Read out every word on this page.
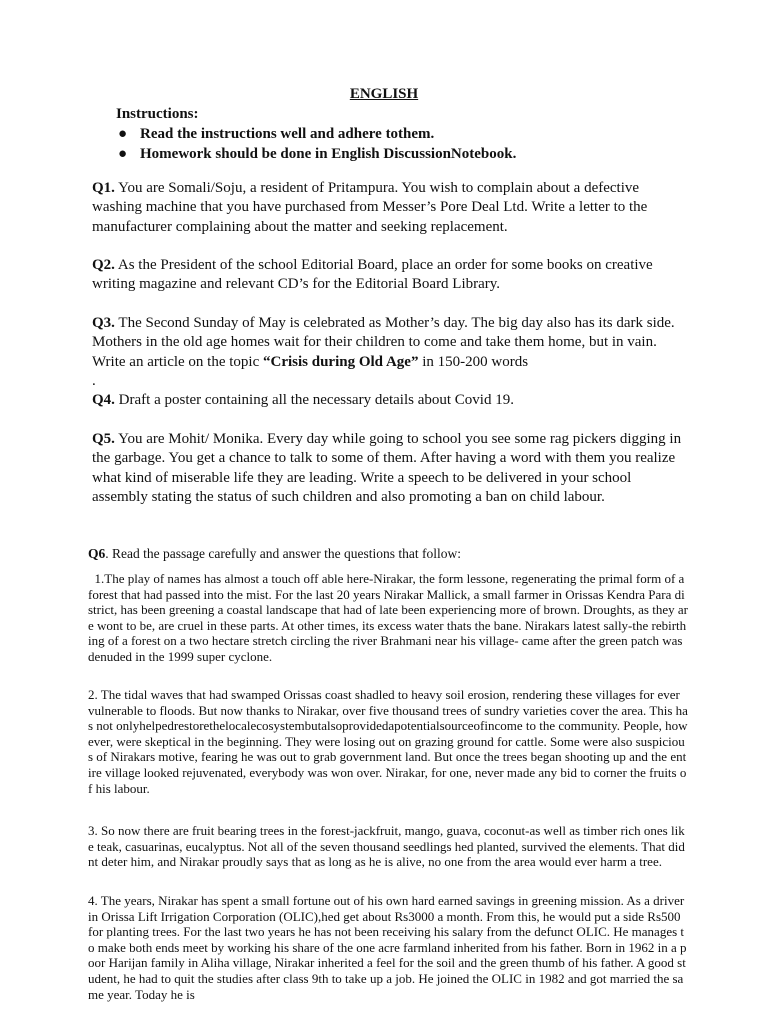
ENGLISH
Instructions:
● Read the instructions well and adhere tothem.
● Homework should be done in English DiscussionNotebook.
Q1. You are Somali/Soju, a resident of Pritampura. You wish to complain about a defective washing machine that you have purchased from Messer’s Pore Deal Ltd. Write a letter to the manufacturer complaining about the matter and seeking replacement.
Q2. As the President of the school Editorial Board, place an order for some books on creative writing magazine and relevant CD’s for the Editorial Board Library.
Q3. The Second Sunday of May is celebrated as Mother’s day. The big day also has its dark side. Mothers in the old age homes wait for their children to come and take them home, but in vain. Write an article on the topic “Crisis during Old Age” in 150-200 words
.
Q4. Draft a poster containing all the necessary details about Covid 19.
Q5. You are Mohit/ Monika. Every day while going to school you see some rag pickers digging in the garbage. You get a chance to talk to some of them. After having a word with them you realize what kind of miserable life they are leading. Write a speech to be delivered in your school assembly stating the status of such children and also promoting a ban on child labour.
Q6. Read the passage carefully and answer the questions that follow:
1.The play of names has almost a touch off able here-Nirakar, the form lessone, regenerating the primal form of a forest that had passed into the mist. For the last 20 years Nirakar Mallick, a small farmer in Orissas Kendra Para district, has been greening a coastal landscape that had of late been experiencing more of brown. Droughts, as they are wont to be, are cruel in these parts. At other times, its excess water thats the bane. Nirakars latest sally-the rebirthing of a forest on a two hectare stretch circling the river Brahmani near his village- came after the green patch was denuded in the 1999 super cyclone.
2. The tidal waves that had swamped Orissas coast shadled to heavy soil erosion, rendering these villages for ever vulnerable to floods. But now thanks to Nirakar, over five thousand trees of sundry varieties cover the area. This has not onlyhelpedrestorethelocalecosystembutalsoprovidedapotentialsourceofincome to the community. People, however, were skeptical in the beginning. They were losing out on grazing ground for cattle. Some were also suspicious of Nirakars motive, fearing he was out to grab government land. But once the trees began shooting up and the entire village looked rejuvenated, everybody was won over. Nirakar, for one, never made any bid to corner the fruits of his labour.
3. So now there are fruit bearing trees in the forest-jackfruit, mango, guava, coconut-as well as timber rich ones like teak, casuarinas, eucalyptus. Not all of the seven thousand seedlings hed planted, survived the elements. That didnt deter him, and Nirakar proudly says that as long as he is alive, no one from the area would ever harm a tree.
4. The years, Nirakar has spent a small fortune out of his own hard earned savings in greening mission. As a driver in Orissa Lift Irrigation Corporation (OLIC),hed get about Rs3000 a month. From this, he would put a side Rs500 for planting trees. For the last two years he has not been receiving his salary from the defunct OLIC. He manages to make both ends meet by working his share of the one acre farmland inherited from his father. Born in 1962 in a poor Harijan family in Aliha village, Nirakar inherited a feel for the soil and the green thumb of his father. A good student, he had to quit the studies after class 9th to take up a job. He joined the OLIC in 1982 and got married the same year. Today he is
